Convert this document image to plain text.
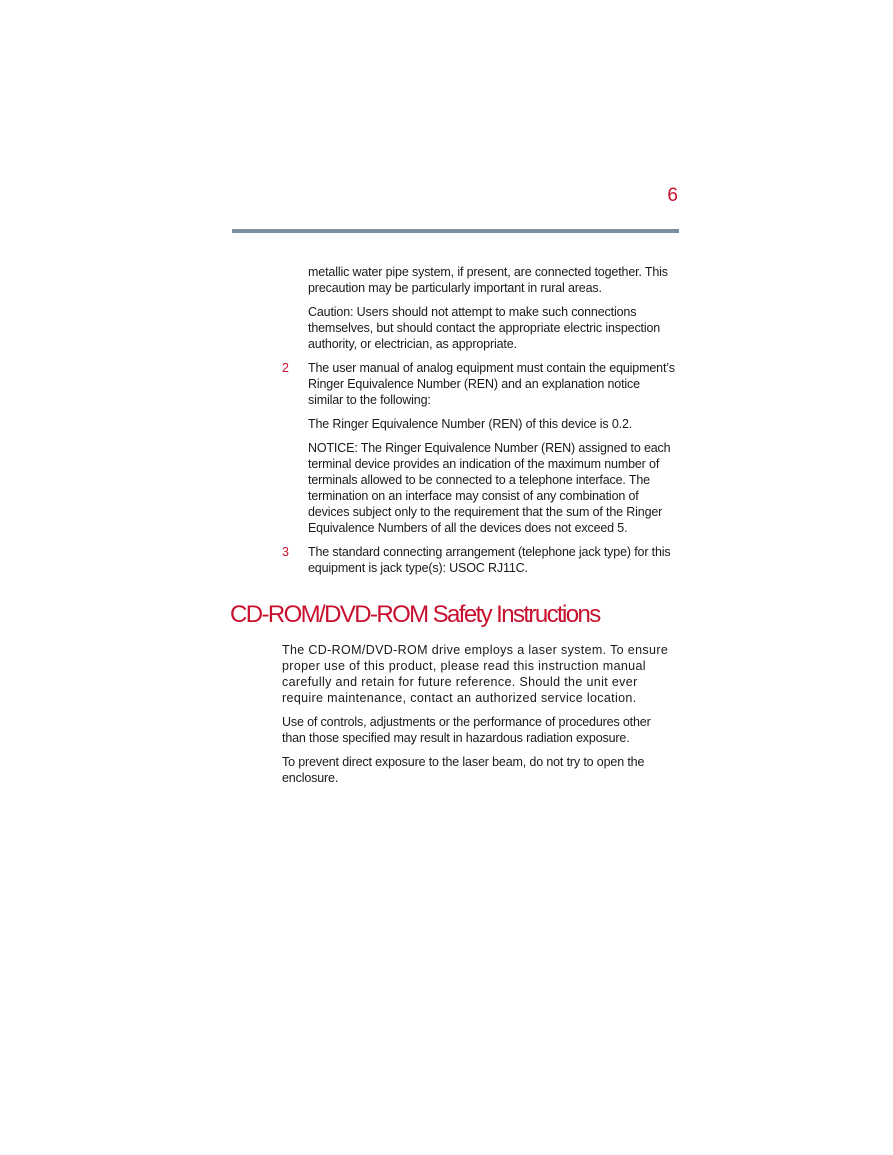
6

metallic water pipe system, if present, are connected together. This precaution may be particularly important in rural areas.

Caution: Users should not attempt to make such connections themselves, but should contact the appropriate electric inspection authority, or electrician, as appropriate.

2 The user manual of analog equipment must contain the equipment’s Ringer Equivalence Number (REN) and an explanation notice similar to the following:

The Ringer Equivalence Number (REN) of this device is 0.2.

NOTICE: The Ringer Equivalence Number (REN) assigned to each terminal device provides an indication of the maximum number of terminals allowed to be connected to a telephone interface. The termination on an interface may consist of any combination of devices subject only to the requirement that the sum of the Ringer Equivalence Numbers of all the devices does not exceed 5.

3 The standard connecting arrangement (telephone jack type) for this equipment is jack type(s): USOC RJ11C.
CD-ROM/DVD-ROM Safety Instructions

The CD-ROM/DVD-ROM drive employs a laser system. To ensure proper use of this product, please read this instruction manual carefully and retain for future reference. Should the unit ever require maintenance, contact an authorized service location.

Use of controls, adjustments or the performance of procedures other than those specified may result in hazardous radiation exposure.

To prevent direct exposure to the laser beam, do not try to open the enclosure.
